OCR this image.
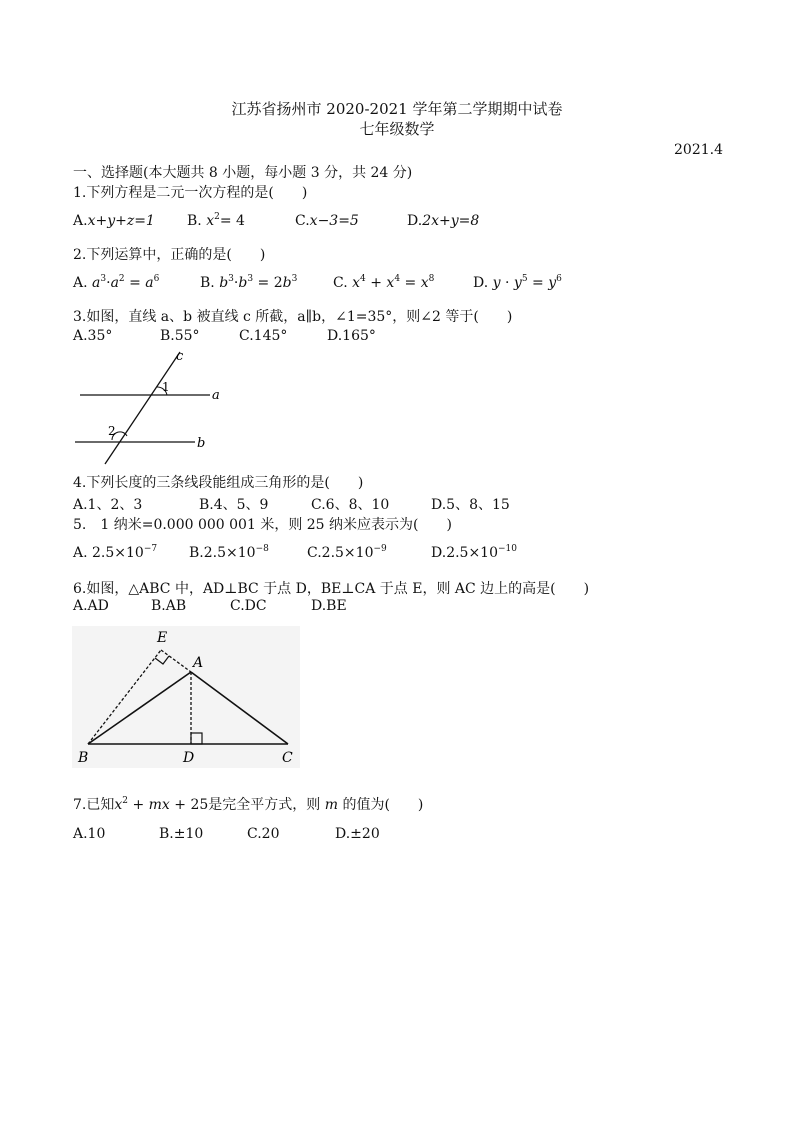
江苏省扬州市 2020-2021 学年第二学期期中试卷
七年级数学
2021.4
一、选择题(本大题共 8 小题，每小题 3 分，共 24 分)
1.下列方程是二元一次方程的是(　　)
A.x+y+z=1 B. $x^2= 4$	C.x−3=5	D.2x+y=8
2.下列运算中，正确的是(　　)
A. $a^3\cdot a^2 = a^6$	B. $b^3\cdot b^3 = 2b^3$	C. $x^4 + x^4 = x^8$	D. $y \cdot y^5 = y^6$
3.如图，直线 a、b 被直线 c 所截，a∥b，∠1=35°，则∠2 等于(　　)
A.35°	B.55°	C.145°	D.165°
c
1
a
2
b
4.下列长度的三条线段能组成三角形的是(　　)
A.1、2、3	B.4、5、9	C.6、8、10	D.5、8、15
5.　1 纳米=0.000 000 001 米，则 25 纳米应表示为(　　)
A. $2.5\times 10^{-7}$ $B.2.5\times 10^{-8}$	$C.2.5\times 10^{-9}$	$D.2.5\times 10^{-10}$
6.如图，△ABC 中，AD⊥BC 于点 D，BE⊥CA 于点 E，则 AC 边上的高是(　　)
A.AD	B.AB	C.DC	D.BE
E
A
B	D	C
7.已知$x^2$ + mx + 25是完全平方式，则 m 的值为(　　)
A.10	B.±10	C.20	D.±20
